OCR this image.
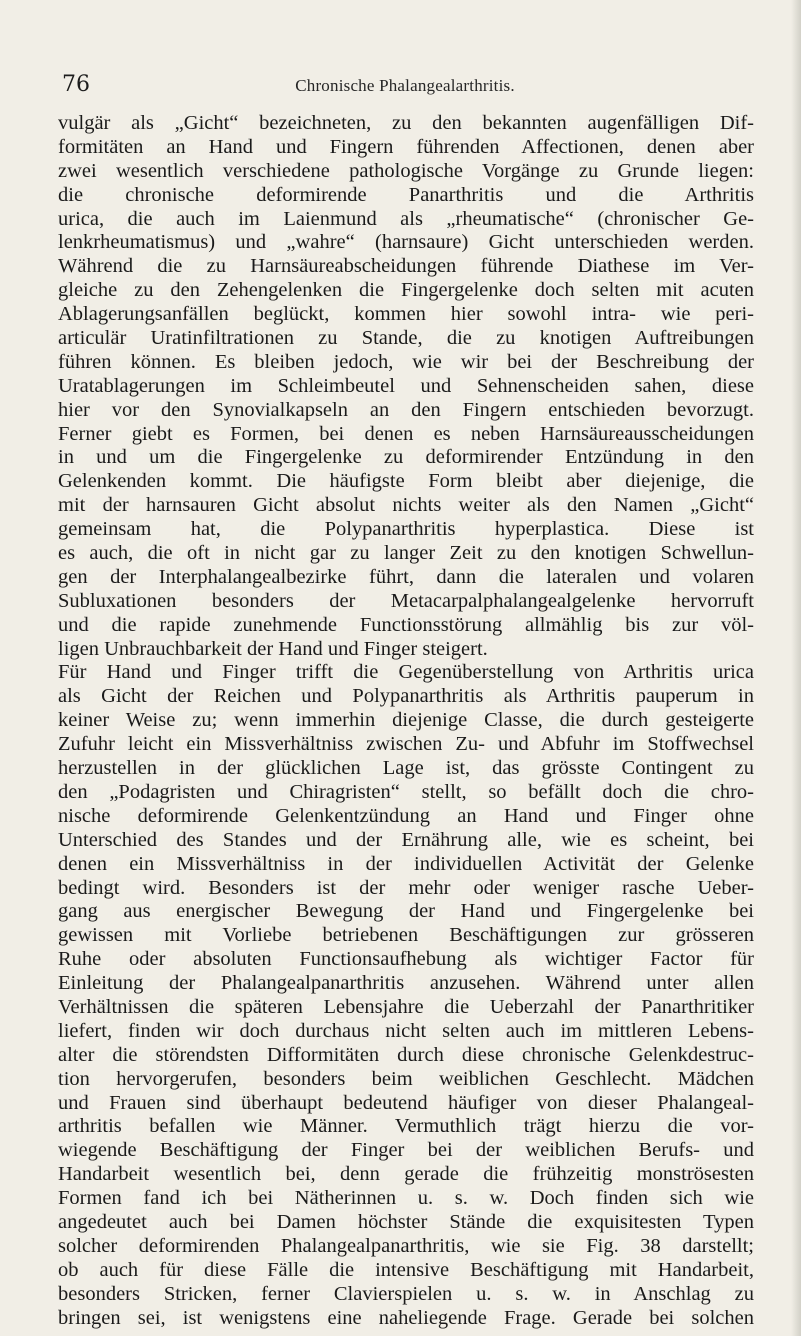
76	Chronische Phalangealarthritis.
vulgär als „Gicht“ bezeichneten, zu den bekannten augenfälligen Dif-
formitäten an Hand und Fingern führenden Affectionen, denen aber
zwei wesentlich verschiedene pathologische Vorgänge zu Grunde liegen:
die chronische deformirende Panarthritis und die Arthritis
urica, die auch im Laienmund als „rheumatische“ (chronischer Ge-
lenkrheumatismus) und „wahre“ (harnsaure) Gicht unterschieden werden.
Während die zu Harnsäureabscheidungen führende Diathese im Ver-
gleiche zu den Zehengelenken die Fingergelenke doch selten mit acuten
Ablagerungsanfällen beglückt, kommen hier sowohl intra- wie peri-
articulär Uratinfiltrationen zu Stande, die zu knotigen Auftreibungen
führen können. Es bleiben jedoch, wie wir bei der Beschreibung der
Uratablagerungen im Schleimbeutel und Sehnenscheiden sahen, diese
hier vor den Synovialkapseln an den Fingern entschieden bevorzugt.
Ferner giebt es Formen, bei denen es neben Harnsäureausscheidungen
in und um die Fingergelenke zu deformirender Entzündung in den
Gelenkenden kommt. Die häufigste Form bleibt aber diejenige, die
mit der harnsauren Gicht absolut nichts weiter als den Namen „Gicht“
gemeinsam hat, die Polypanarthritis hyperplastica. Diese ist
es auch, die oft in nicht gar zu langer Zeit zu den knotigen Schwellun-
gen der Interphalangealbezirke führt, dann die lateralen und volaren
Subluxationen besonders der Metacarpalphalangealgelenke hervorruft
und die rapide zunehmende Functionsstörung allmählig bis zur völ-
ligen Unbrauchbarkeit der Hand und Finger steigert.
Für Hand und Finger trifft die Gegenüberstellung von Arthritis urica
als Gicht der Reichen und Polypanarthritis als Arthritis pauperum in
keiner Weise zu; wenn immerhin diejenige Classe, die durch gesteigerte
Zufuhr leicht ein Missverhältniss zwischen Zu- und Abfuhr im Stoffwechsel
herzustellen in der glücklichen Lage ist, das grösste Contingent zu
den „Podagristen und Chiragristen“ stellt, so befällt doch die chro-
nische deformirende Gelenkentzündung an Hand und Finger ohne
Unterschied des Standes und der Ernährung alle, wie es scheint, bei
denen ein Missverhältniss in der individuellen Activität der Gelenke
bedingt wird. Besonders ist der mehr oder weniger rasche Ueber-
gang aus energischer Bewegung der Hand und Fingergelenke bei
gewissen mit Vorliebe betriebenen Beschäftigungen zur grösseren
Ruhe oder absoluten Functionsaufhebung als wichtiger Factor für
Einleitung der Phalangealpanarthritis anzusehen. Während unter allen
Verhältnissen die späteren Lebensjahre die Ueberzahl der Panarthritiker
liefert, finden wir doch durchaus nicht selten auch im mittleren Lebens-
alter die störendsten Difformitäten durch diese chronische Gelenkdestruc-
tion hervorgerufen, besonders beim weiblichen Geschlecht. Mädchen
und Frauen sind überhaupt bedeutend häufiger von dieser Phalangeal-
arthritis befallen wie Männer. Vermuthlich trägt hierzu die vor-
wiegende Beschäftigung der Finger bei der weiblichen Berufs- und
Handarbeit wesentlich bei, denn gerade die frühzeitig monströsesten
Formen fand ich bei Nätherinnen u. s. w. Doch finden sich wie
angedeutet auch bei Damen höchster Stände die exquisitesten Typen
solcher deformirenden Phalangealpanarthritis, wie sie Fig. 38 darstellt;
ob auch für diese Fälle die intensive Beschäftigung mit Handarbeit,
besonders Stricken, ferner Clavierspielen u. s. w. in Anschlag zu
bringen sei, ist wenigstens eine naheliegende Frage. Gerade bei solchen
